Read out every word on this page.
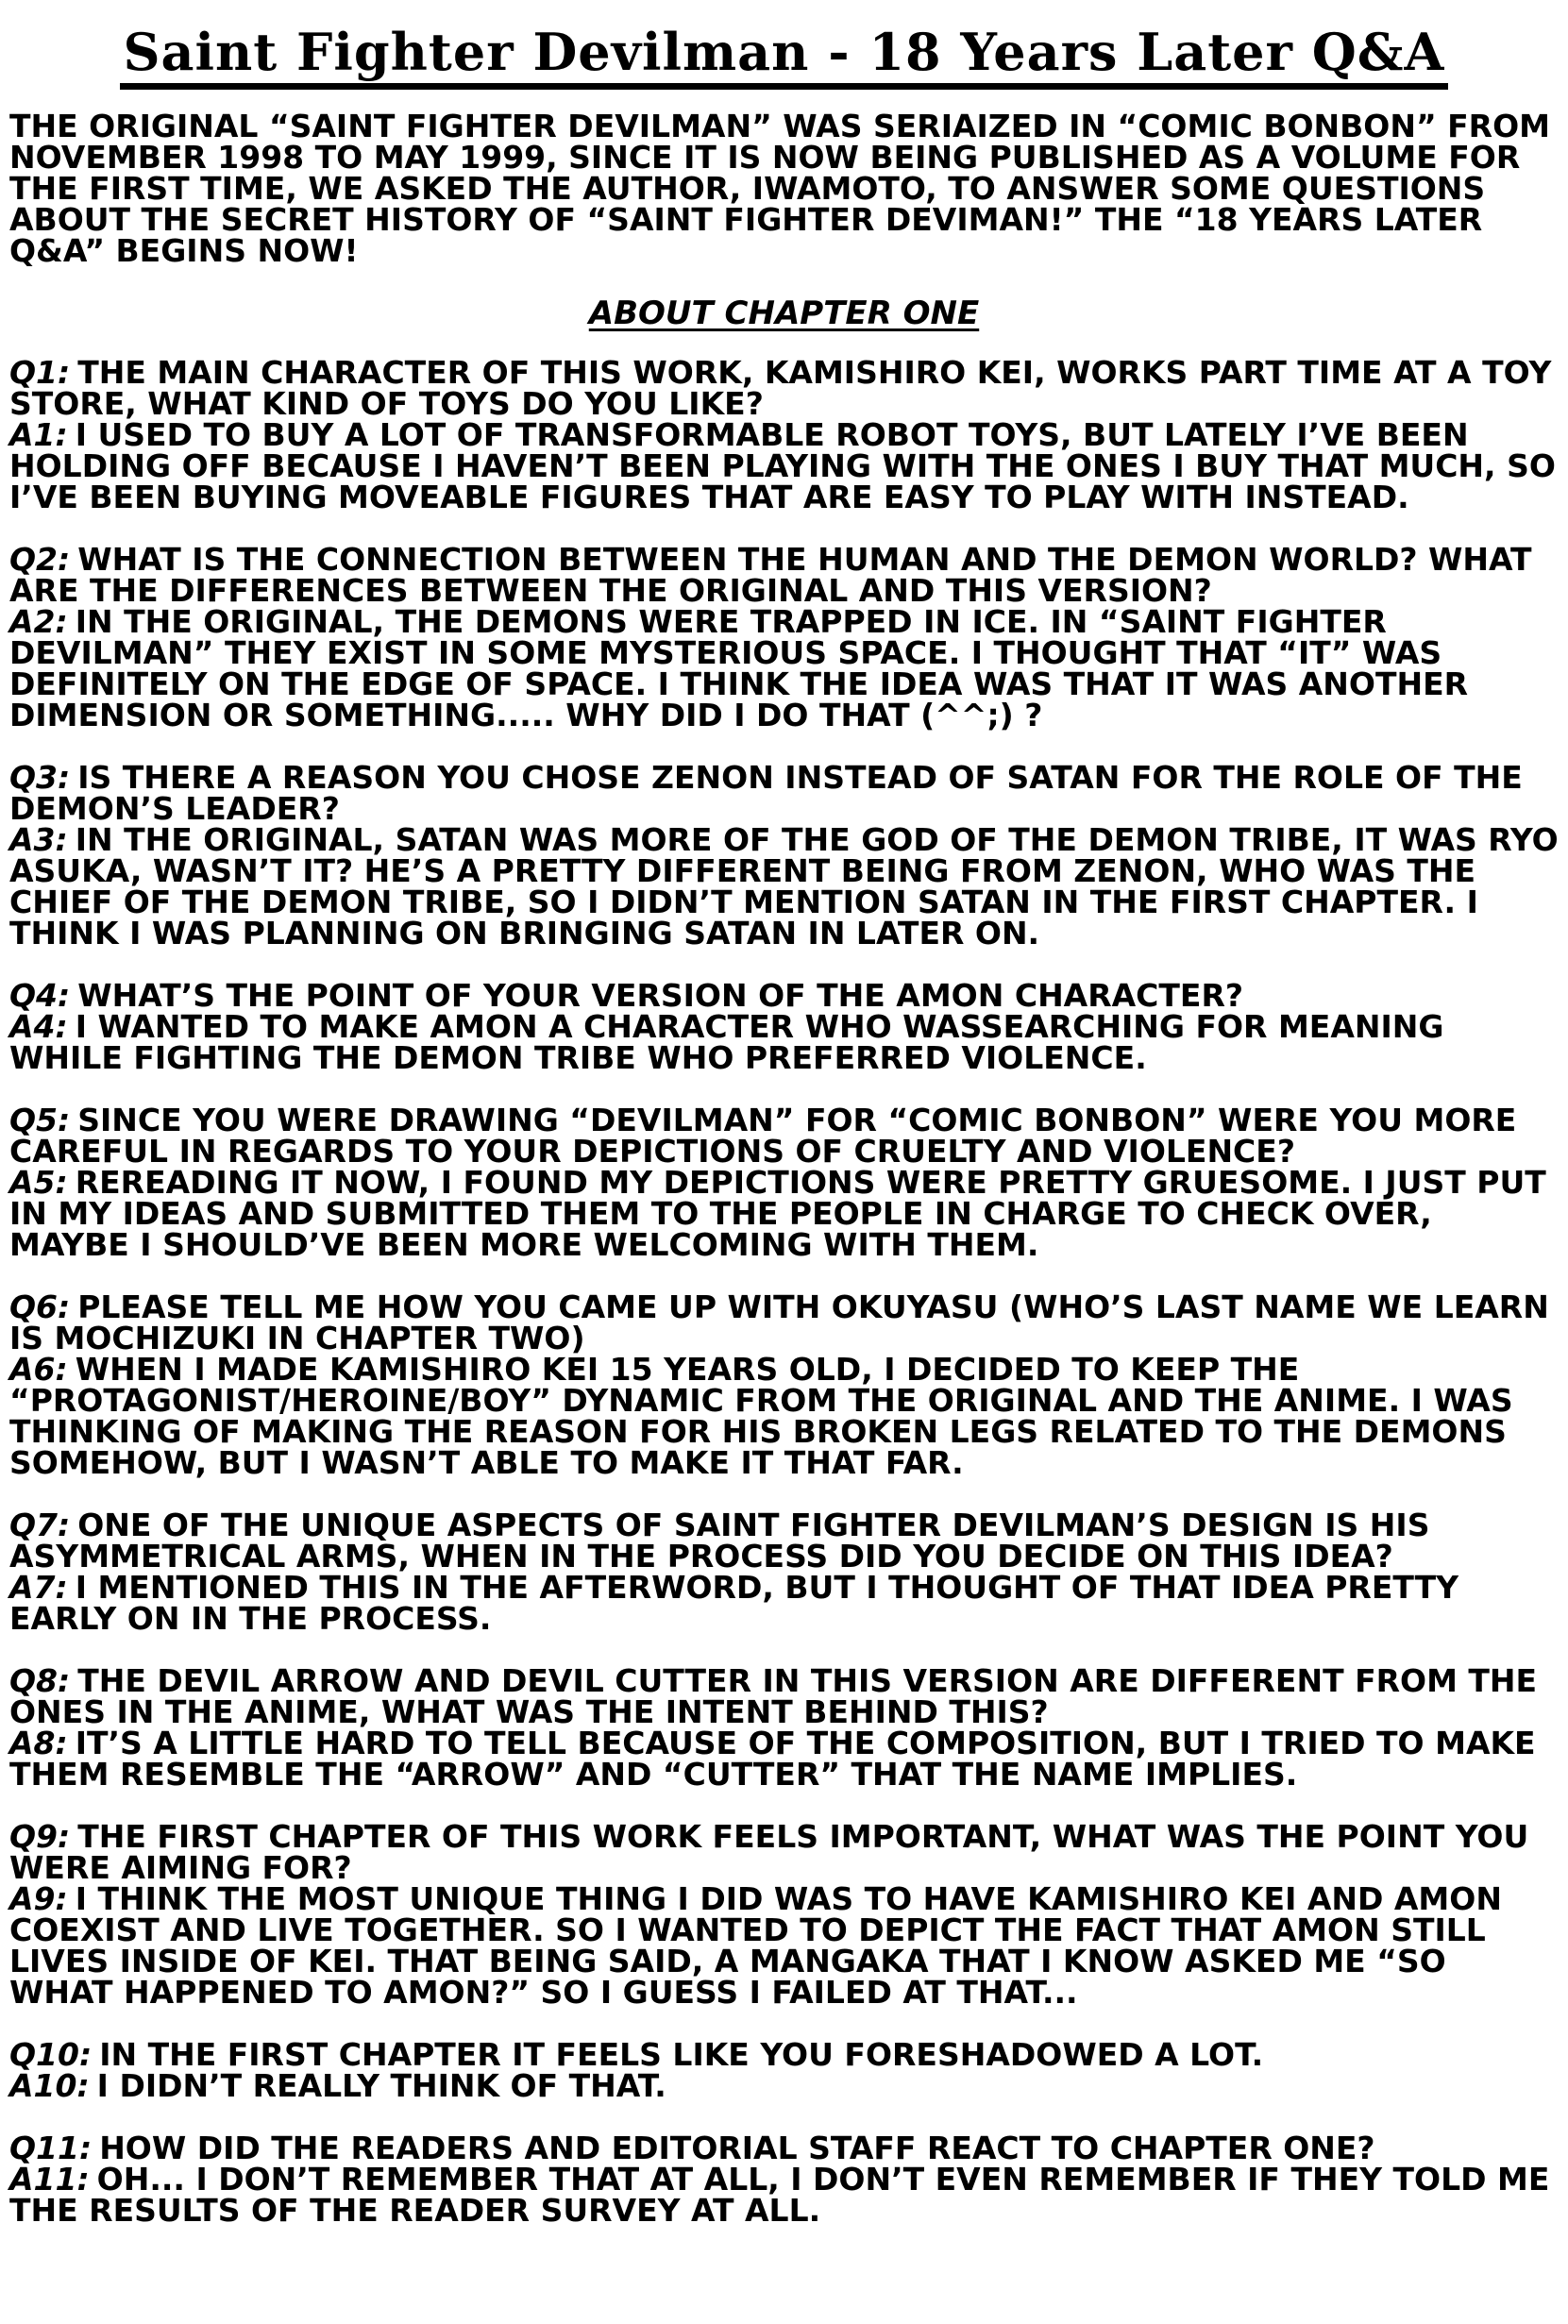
Saint Fighter Devilman - 18 Years Later Q&A

THE ORIGINAL “SAINT FIGHTER DEVILMAN” WAS SERIAIZED IN “COMIC BONBON” FROM NOVEMBER 1998 TO MAY 1999, SINCE IT IS NOW BEING PUBLISHED AS A VOLUME FOR THE FIRST TIME, WE ASKED THE AUTHOR, IWAMOTO, TO ANSWER SOME QUESTIONS ABOUT THE SECRET HISTORY OF “SAINT FIGHTER DEVIMAN!” THE “18 YEARS LATER Q&A” BEGINS NOW!

ABOUT CHAPTER ONE

Q1: THE MAIN CHARACTER OF THIS WORK, KAMISHIRO KEI, WORKS PART TIME AT A TOY STORE, WHAT KIND OF TOYS DO YOU LIKE?

A1: I USED TO BUY A LOT OF TRANSFORMABLE ROBOT TOYS, BUT LATELY I’VE BEEN HOLDING OFF BECAUSE I HAVEN’T BEEN PLAYING WITH THE ONES I BUY THAT MUCH, SO I’VE BEEN BUYING MOVEABLE FIGURES THAT ARE EASY TO PLAY WITH INSTEAD.

Q2: WHAT IS THE CONNECTION BETWEEN THE HUMAN AND THE DEMON WORLD? WHAT ARE THE DIFFERENCES BETWEEN THE ORIGINAL AND THIS VERSION?

A2: IN THE ORIGINAL, THE DEMONS WERE TRAPPED IN ICE. IN “SAINT FIGHTER DEVILMAN” THEY EXIST IN SOME MYSTERIOUS SPACE. I THOUGHT THAT “IT” WAS DEFINITELY ON THE EDGE OF SPACE. I THINK THE IDEA WAS THAT IT WAS ANOTHER DIMENSION OR SOMETHING..... WHY DID I DO THAT (^^;) ?

Q3: IS THERE A REASON YOU CHOSE ZENON INSTEAD OF SATAN FOR THE ROLE OF THE DEMON’S LEADER?

A3: IN THE ORIGINAL, SATAN WAS MORE OF THE GOD OF THE DEMON TRIBE, IT WAS RYO ASUKA, WASN’T IT? HE’S A PRETTY DIFFERENT BEING FROM ZENON, WHO WAS THE CHIEF OF THE DEMON TRIBE, SO I DIDN’T MENTION SATAN IN THE FIRST CHAPTER. I THINK I WAS PLANNING ON BRINGING SATAN IN LATER ON.

Q4: WHAT’S THE POINT OF YOUR VERSION OF THE AMON CHARACTER?

A4: I WANTED TO MAKE AMON A CHARACTER WHO WASSEARCHING FOR MEANING WHILE FIGHTING THE DEMON TRIBE WHO PREFERRED VIOLENCE.

Q5: SINCE YOU WERE DRAWING “DEVILMAN” FOR “COMIC BONBON” WERE YOU MORE CAREFUL IN REGARDS TO YOUR DEPICTIONS OF CRUELTY AND VIOLENCE?

A5: REREADING IT NOW, I FOUND MY DEPICTIONS WERE PRETTY GRUESOME. I JUST PUT IN MY IDEAS AND SUBMITTED THEM TO THE PEOPLE IN CHARGE TO CHECK OVER, MAYBE I SHOULD’VE BEEN MORE WELCOMING WITH THEM.

Q6: PLEASE TELL ME HOW YOU CAME UP WITH OKUYASU (WHO’S LAST NAME WE LEARN IS MOCHIZUKI IN CHAPTER TWO)

A6: WHEN I MADE KAMISHIRO KEI 15 YEARS OLD, I DECIDED TO KEEP THE “PROTAGONIST/HEROINE/BOY” DYNAMIC FROM THE ORIGINAL AND THE ANIME. I WAS THINKING OF MAKING THE REASON FOR HIS BROKEN LEGS RELATED TO THE DEMONS SOMEHOW, BUT I WASN’T ABLE TO MAKE IT THAT FAR.

Q7: ONE OF THE UNIQUE ASPECTS OF SAINT FIGHTER DEVILMAN’S DESIGN IS HIS ASYMMETRICAL ARMS, WHEN IN THE PROCESS DID YOU DECIDE ON THIS IDEA?

A7: I MENTIONED THIS IN THE AFTERWORD, BUT I THOUGHT OF THAT IDEA PRETTY EARLY ON IN THE PROCESS.

Q8: THE DEVIL ARROW AND DEVIL CUTTER IN THIS VERSION ARE DIFFERENT FROM THE ONES IN THE ANIME, WHAT WAS THE INTENT BEHIND THIS?

A8: IT’S A LITTLE HARD TO TELL BECAUSE OF THE COMPOSITION, BUT I TRIED TO MAKE THEM RESEMBLE THE “ARROW” AND “CUTTER” THAT THE NAME IMPLIES.

Q9: THE FIRST CHAPTER OF THIS WORK FEELS IMPORTANT, WHAT WAS THE POINT YOU WERE AIMING FOR?

A9: I THINK THE MOST UNIQUE THING I DID WAS TO HAVE KAMISHIRO KEI AND AMON COEXIST AND LIVE TOGETHER. SO I WANTED TO DEPICT THE FACT THAT AMON STILL LIVES INSIDE OF KEI. THAT BEING SAID, A MANGAKA THAT I KNOW ASKED ME “SO WHAT HAPPENED TO AMON?” SO I GUESS I FAILED AT THAT...

Q10: IN THE FIRST CHAPTER IT FEELS LIKE YOU FORESHADOWED A LOT.

A10: I DIDN’T REALLY THINK OF THAT.

Q11: HOW DID THE READERS AND EDITORIAL STAFF REACT TO CHAPTER ONE?

A11: OH... I DON’T REMEMBER THAT AT ALL, I DON’T EVEN REMEMBER IF THEY TOLD ME THE RESULTS OF THE READER SURVEY AT ALL.
